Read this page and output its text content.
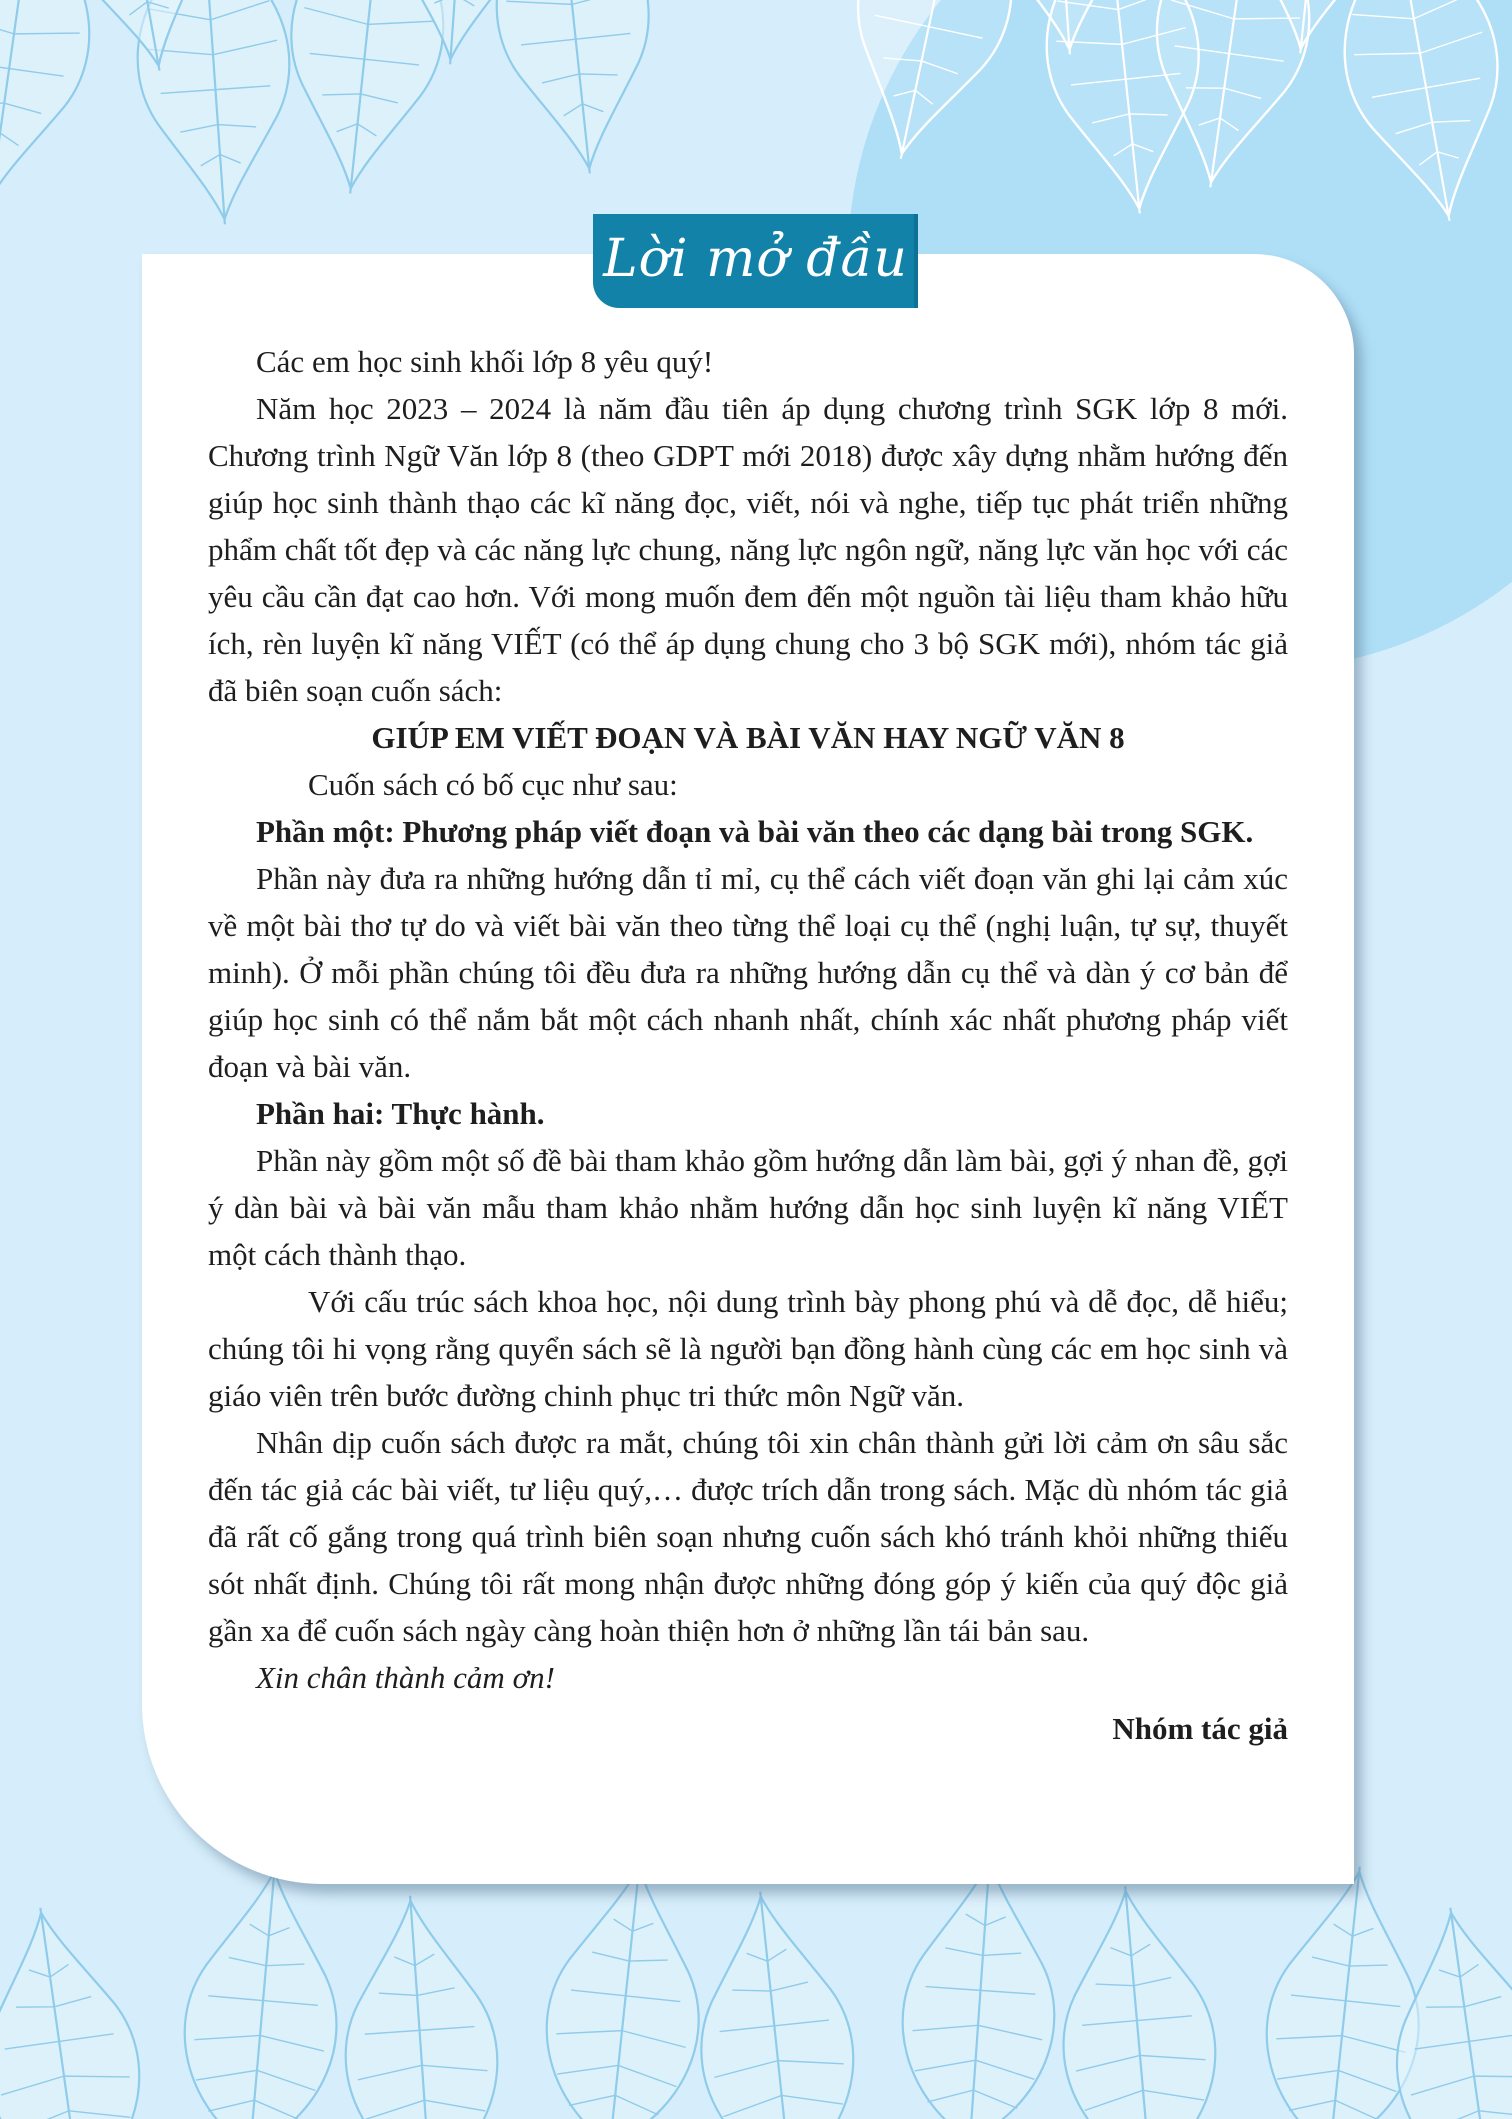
Lời mở đầu

Các em học sinh khối lớp 8 yêu quý!

Năm học 2023 – 2024 là năm đầu tiên áp dụng chương trình SGK lớp 8 mới. Chương trình Ngữ Văn lớp 8 (theo GDPT mới 2018) được xây dựng nhằm hướng đến giúp học sinh thành thạo các kĩ năng đọc, viết, nói và nghe, tiếp tục phát triển những phẩm chất tốt đẹp và các năng lực chung, năng lực ngôn ngữ, năng lực văn học với các yêu cầu cần đạt cao hơn. Với mong muốn đem đến một nguồn tài liệu tham khảo hữu ích, rèn luyện kĩ năng VIẾT (có thể áp dụng chung cho 3 bộ SGK mới), nhóm tác giả đã biên soạn cuốn sách:

GIÚP EM VIẾT ĐOẠN VÀ BÀI VĂN HAY NGỮ VĂN 8

Cuốn sách có bố cục như sau:

Phần một: Phương pháp viết đoạn và bài văn theo các dạng bài trong SGK.

Phần này đưa ra những hướng dẫn tỉ mỉ, cụ thể cách viết đoạn văn ghi lại cảm xúc về một bài thơ tự do và viết bài văn theo từng thể loại cụ thể (nghị luận, tự sự, thuyết minh). Ở mỗi phần chúng tôi đều đưa ra những hướng dẫn cụ thể và dàn ý cơ bản để giúp học sinh có thể nắm bắt một cách nhanh nhất, chính xác nhất phương pháp viết đoạn và bài văn.

Phần hai: Thực hành.

Phần này gồm một số đề bài tham khảo gồm hướng dẫn làm bài, gợi ý nhan đề, gợi ý dàn bài và bài văn mẫu tham khảo nhằm hướng dẫn học sinh luyện kĩ năng VIẾT một cách thành thạo.

Với cấu trúc sách khoa học, nội dung trình bày phong phú và dễ đọc, dễ hiểu; chúng tôi hi vọng rằng quyển sách sẽ là người bạn đồng hành cùng các em học sinh và giáo viên trên bước đường chinh phục tri thức môn Ngữ văn.

Nhân dịp cuốn sách được ra mắt, chúng tôi xin chân thành gửi lời cảm ơn sâu sắc đến tác giả các bài viết, tư liệu quý,… được trích dẫn trong sách. Mặc dù nhóm tác giả đã rất cố gắng trong quá trình biên soạn nhưng cuốn sách khó tránh khỏi những thiếu sót nhất định. Chúng tôi rất mong nhận được những đóng góp ý kiến của quý độc giả gần xa để cuốn sách ngày càng hoàn thiện hơn ở những lần tái bản sau.

Xin chân thành cảm ơn!

Nhóm tác giả
